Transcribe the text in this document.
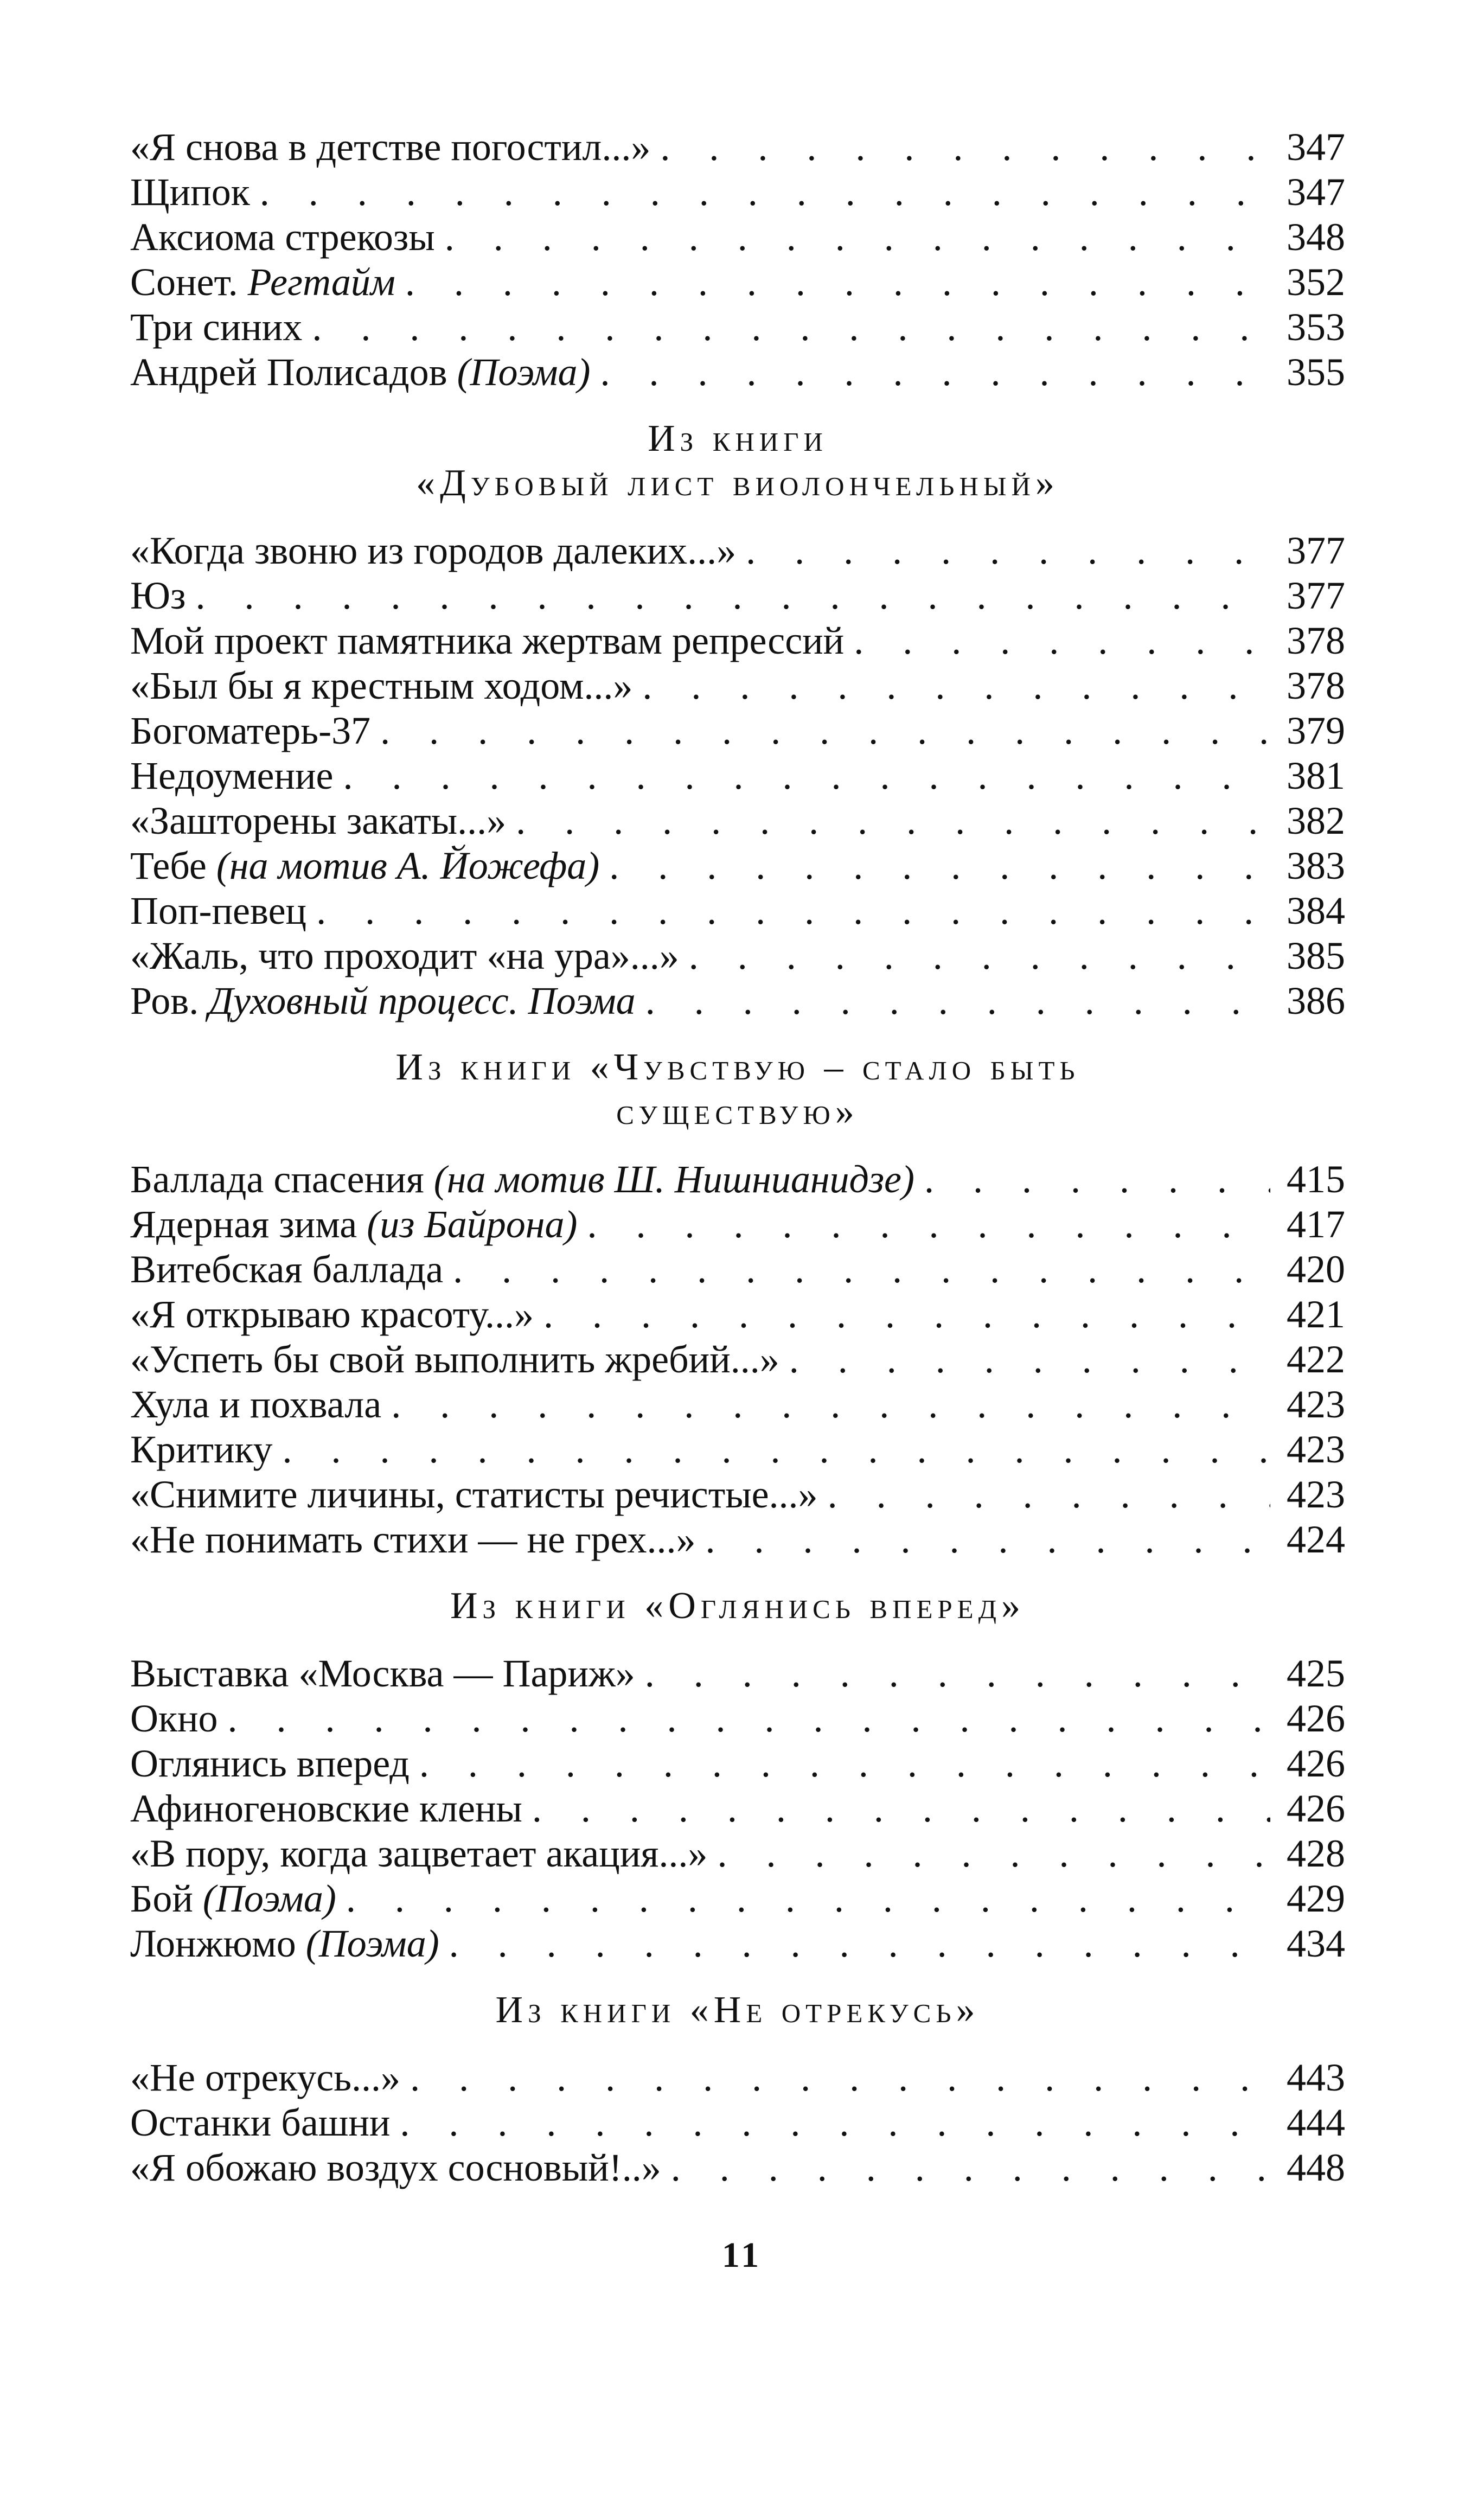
«Я снова в детстве погостил...» . . .	347
Щипок . . .	347
Аксиома стрекозы . . .	348
Сонет. Регтайм . . .	352
Три синих . . .	353
Андрей Полисадов (Поэма) . . .	355
Из книги
«Дубовый лист виолончельный»
«Когда звоню из городов далеких...» . . .	377
Юз . . .	377
Мой проект памятника жертвам репрессий . . .	378
«Был бы я крестным ходом...» . . .	378
Богоматерь-37 . . .	379
Недоумение . . .	381
«Зашторены закаты...» . . .	382
Тебе (на мотив А. Йожефа) . . .	383
Поп-певец . . .	384
«Жаль, что проходит «на ура»...» . . .	385
Ров. Духовный процесс. Поэма . . .	386
Из книги «Чувствую – стало быть
существую»
Баллада спасения (на мотив Ш. Нишнианидзе) . . .	415
Ядерная зима (из Байрона) . . .	417
Витебская баллада . . .	420
«Я открываю красоту...» . . .	421
«Успеть бы свой выполнить жребий...» . . .	422
Хула и похвала . . .	423
Критику . . .	423
«Снимите личины, статисты речистые...» . . .	423
«Не понимать стихи — не грех...» . . .	424
Из книги «Оглянись вперед»
Выставка «Москва — Париж» . . .	425
Окно . . .	426
Оглянись вперед . . .	426
Афиногеновские клены . . .	426
«В пору, когда зацветает акация...» . . .	428
Бой (Поэма) . . .	429
Лонжюмо (Поэма) . . .	434
Из книги «Не отрекусь»
«Не отрекусь...» . . .	443
Останки башни . . .	444
«Я обожаю воздух сосновый!..» . . .	448
11
